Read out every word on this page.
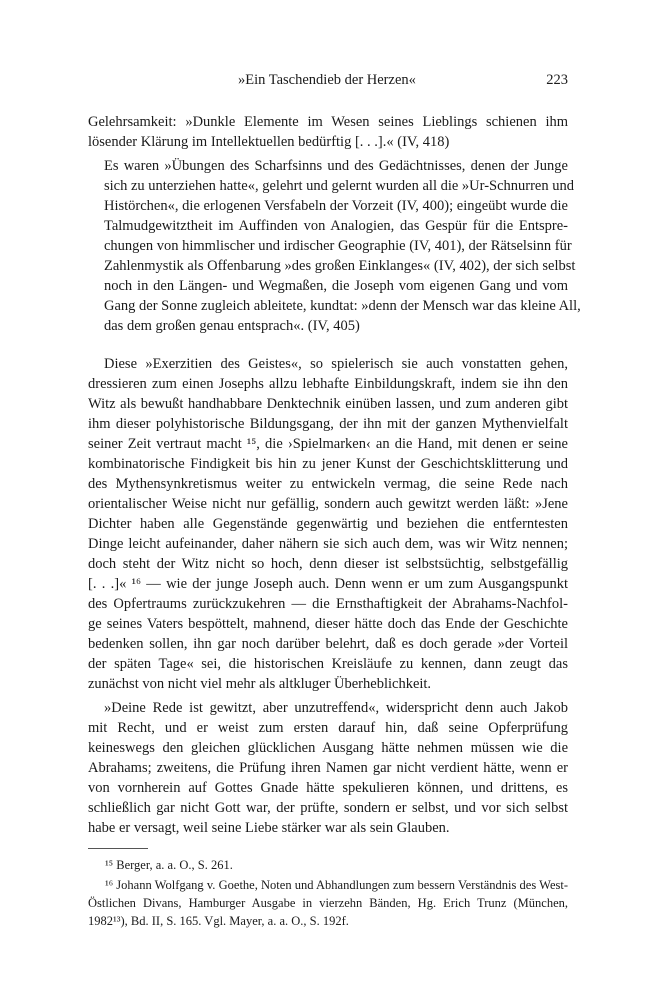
»Ein Taschendieb der Herzen«	223
Gelehrsamkeit: »Dunkle Elemente im Wesen seines Lieblings schienen ihm
lösender Klärung im Intellektuellen bedürftig [. . .].« (IV, 418)
Es waren »Übungen des Scharfsinns und des Gedächtnisses, denen der Junge
sich zu unterziehen hatte«, gelehrt und gelernt wurden all die »Ur-Schnurren und
Histörchen«, die erlogenen Versfabeln der Vorzeit (IV, 400); eingeübt wurde die
Talmudgewitztheit im Auffinden von Analogien, das Gespür für die Entspre-
chungen von himmlischer und irdischer Geographie (IV, 401), der Rätselsinn für
Zahlenmystik als Offenbarung »des großen Einklanges« (IV, 402), der sich selbst
noch in den Längen- und Wegmaßen, die Joseph vom eigenen Gang und vom
Gang der Sonne zugleich ableitete, kundtat: »denn der Mensch war das kleine All,
das dem großen genau entsprach«. (IV, 405)
Diese »Exerzitien des Geistes«, so spielerisch sie auch vonstatten gehen,
dressieren zum einen Josephs allzu lebhafte Einbildungskraft, indem sie ihn den
Witz als bewußt handhabbare Denktechnik einüben lassen, und zum anderen gibt
ihm dieser polyhistorische Bildungsgang, der ihn mit der ganzen Mythenvielfalt
seiner Zeit vertraut macht ¹⁵, die ›Spielmarken‹ an die Hand, mit denen er seine
kombinatorische Findigkeit bis hin zu jener Kunst der Geschichtsklitterung und
des Mythensynkretismus weiter zu entwickeln vermag, die seine Rede nach
orientalischer Weise nicht nur gefällig, sondern auch gewitzt werden läßt: »Jene
Dichter haben alle Gegenstände gegenwärtig und beziehen die entferntesten
Dinge leicht aufeinander, daher nähern sie sich auch dem, was wir Witz nennen;
doch steht der Witz nicht so hoch, denn dieser ist selbstsüchtig, selbstgefällig
[. . .]« ¹⁶ — wie der junge Joseph auch. Denn wenn er um zum Ausgangspunkt
des Opfertraums zurückzukehren — die Ernsthaftigkeit der Abrahams-Nachfol-
ge seines Vaters bespöttelt, mahnend, dieser hätte doch das Ende der Geschichte
bedenken sollen, ihn gar noch darüber belehrt, daß es doch gerade »der Vorteil
der späten Tage« sei, die historischen Kreisläufe zu kennen, dann zeugt das
zunächst von nicht viel mehr als altkluger Überheblichkeit.
»Deine Rede ist gewitzt, aber unzutreffend«, widerspricht denn auch Jakob
mit Recht, und er weist zum ersten darauf hin, daß seine Opferprüfung
keineswegs den gleichen glücklichen Ausgang hätte nehmen müssen wie die
Abrahams; zweitens, die Prüfung ihren Namen gar nicht verdient hätte, wenn er
von vornherein auf Gottes Gnade hätte spekulieren können, und drittens, es
schließlich gar nicht Gott war, der prüfte, sondern er selbst, und vor sich selbst
habe er versagt, weil seine Liebe stärker war als sein Glauben.
¹⁵ Berger, a. a. O., S. 261.
¹⁶ Johann Wolfgang v. Goethe, Noten und Abhandlungen zum bessern Verständnis des West-
Östlichen Divans, Hamburger Ausgabe in vierzehn Bänden, Hg. Erich Trunz (München,
1982¹³), Bd. II, S. 165. Vgl. Mayer, a. a. O., S. 192f.
